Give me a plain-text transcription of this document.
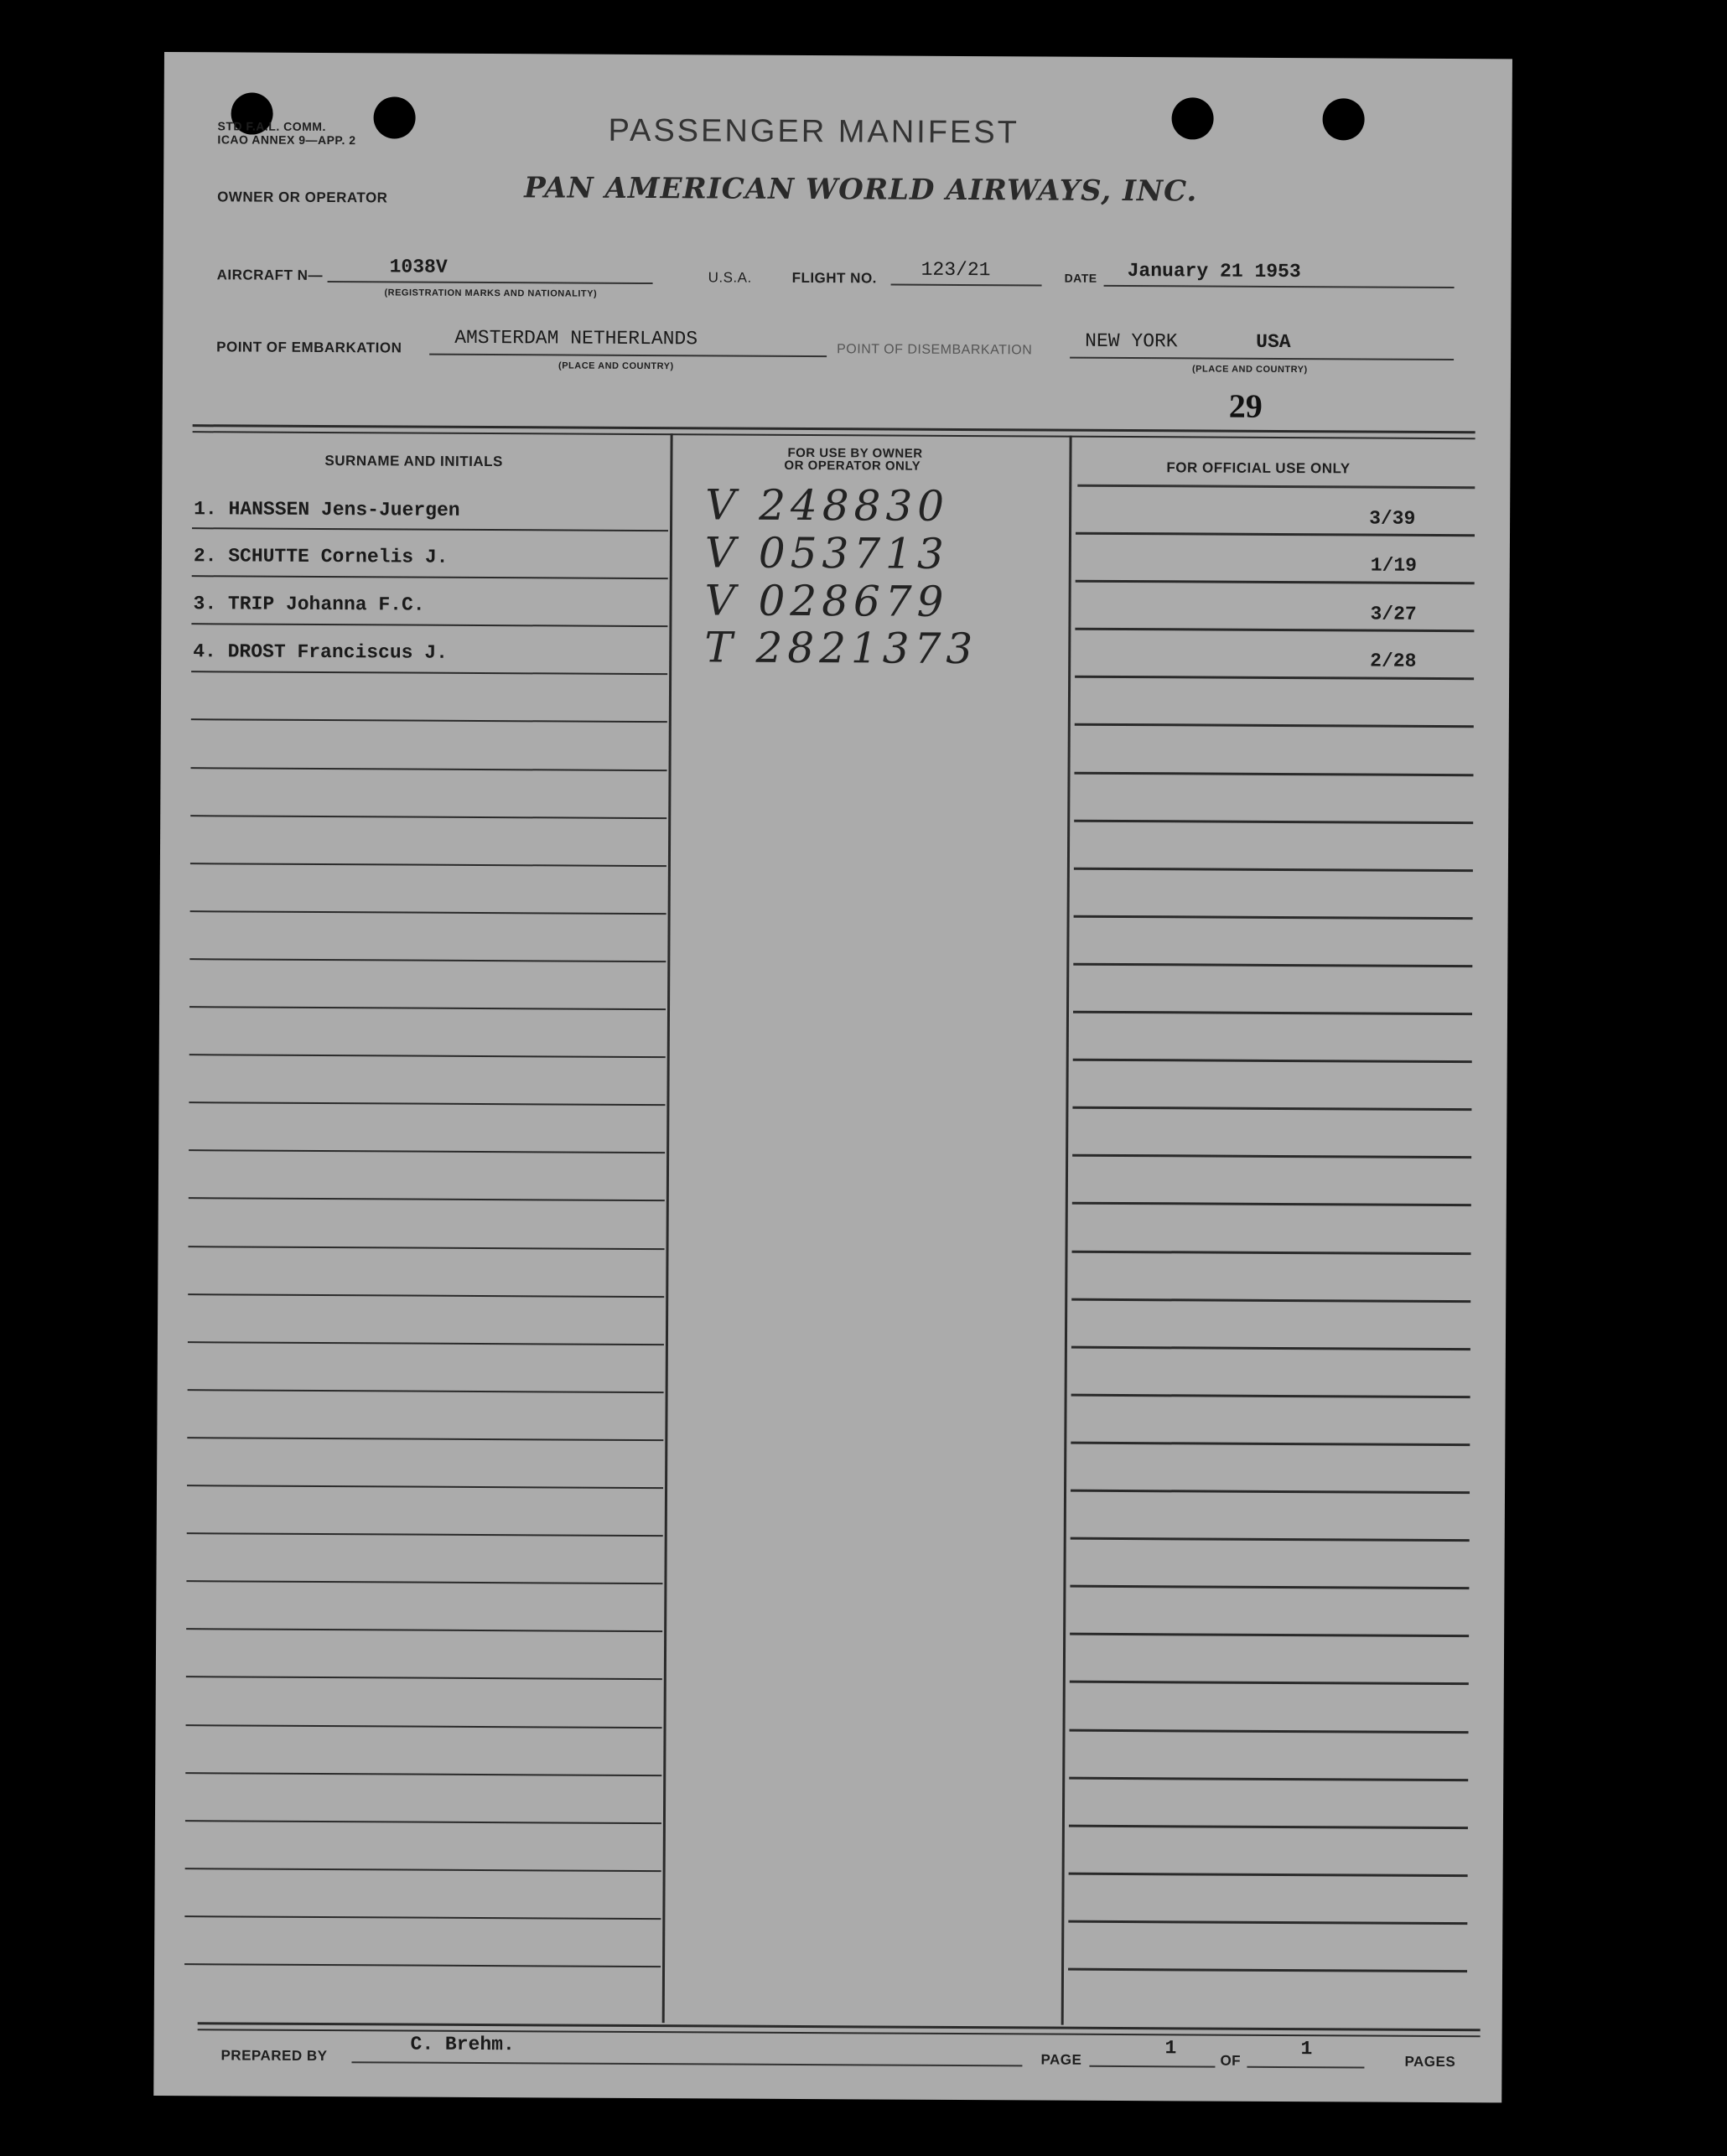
STD F.A.L. COMM.
ICAO ANNEX 9—APP. 2	PASSENGER MANIFEST
OWNER OR OPERATOR	PAN AMERICAN WORLD AIRWAYS, INC.
AIRCRAFT N—	1038V
(REGISTRATION MARKS AND NATIONALITY)
U.S.A.	FLIGHT NO. 123/21	DATE January 21 1953
POINT OF EMBARKATION	AMSTERDAM NETHERLANDS
(PLACE AND COUNTRY)
POINT OF DISEMBARKATION	NEW YORK	USA
(PLACE AND COUNTRY)
29
SURNAME AND INITIALS	FOR USE BY OWNER
OR OPERATOR ONLY	FOR OFFICIAL USE ONLY
1. HANSSEN Jens-Juergen	V 248830	3/39
2. SCHUTTE Cornelis J.	V 053713	1/19
3. TRIP Johanna F.C.	V 028679	3/27
4. DROST Franciscus J.	T 2821373	2/28
PREPARED BY	C. Brehm.
PAGE
1
OF
1
PAGES
